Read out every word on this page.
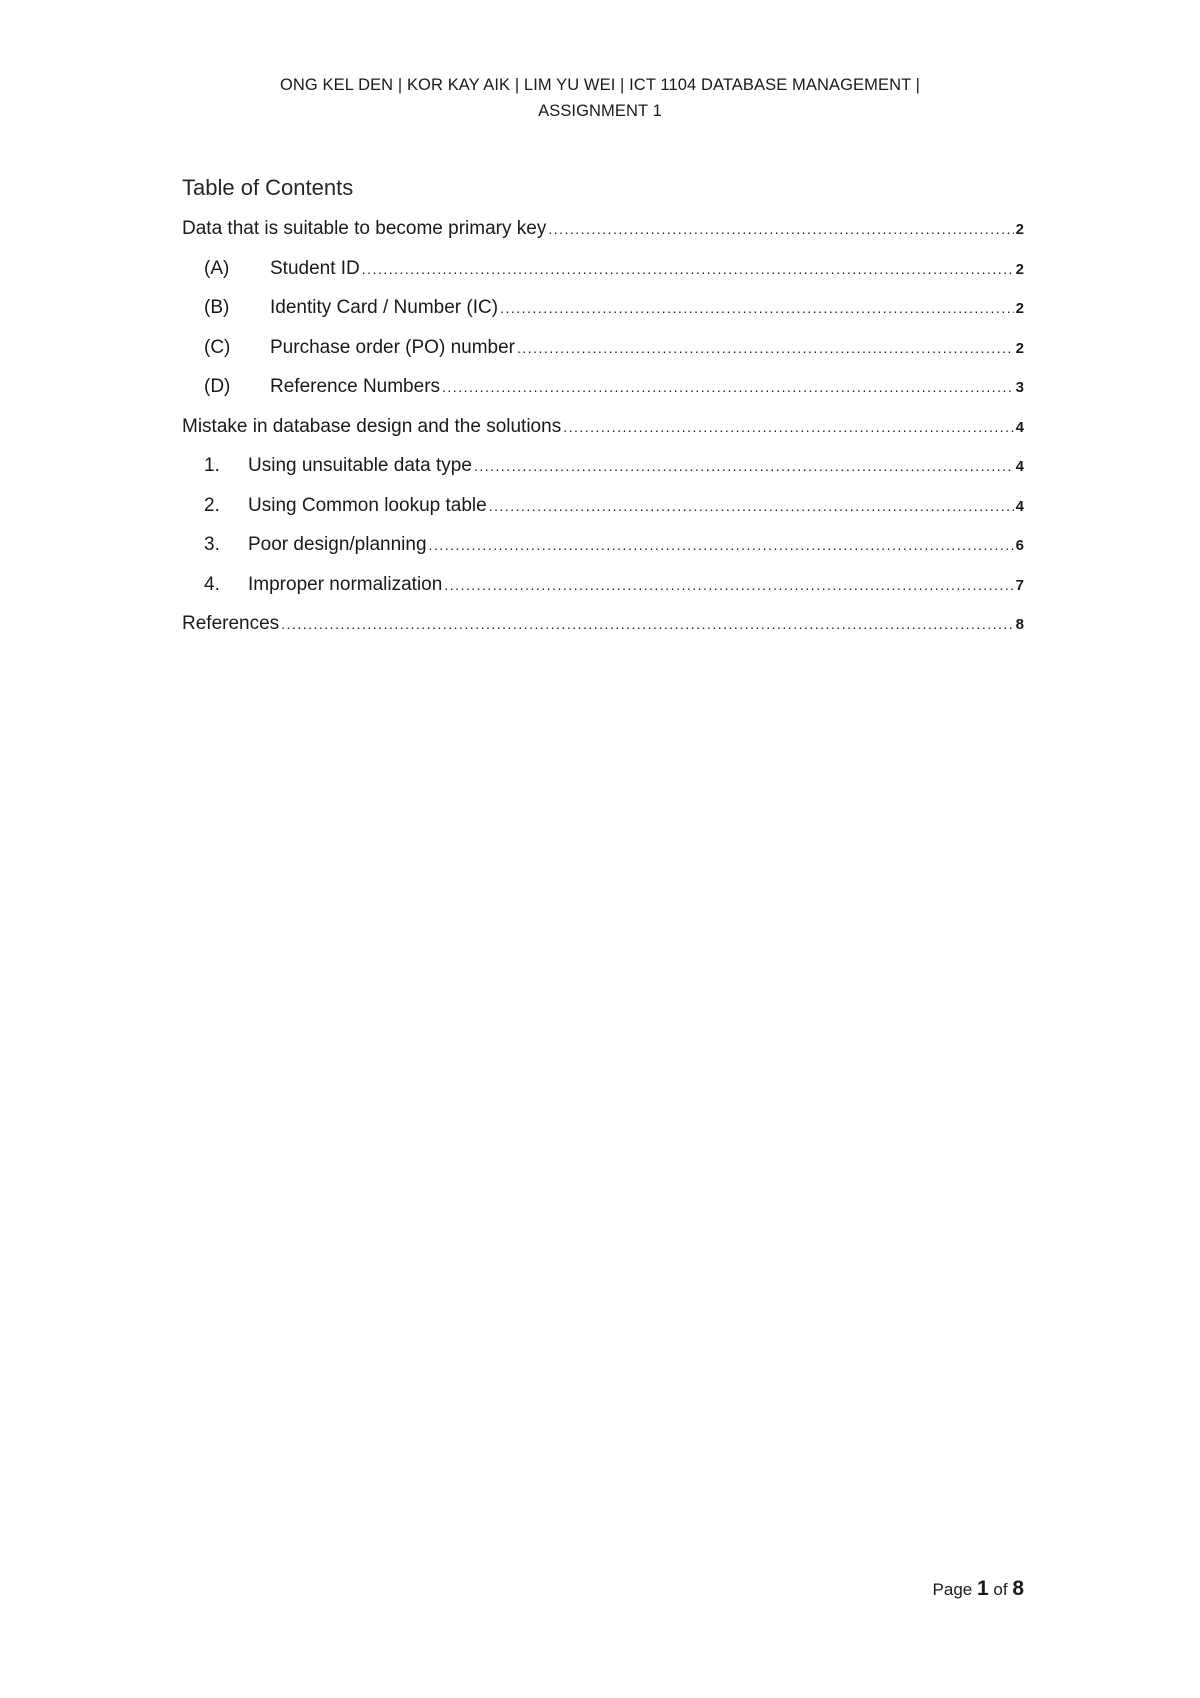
ONG KEL DEN | KOR KAY AIK | LIM YU WEI | ICT 1104 DATABASE MANAGEMENT |
ASSIGNMENT 1
Table of Contents
Data that is suitable to become primary key .....	2
(A)	Student ID .....	2
(B)	Identity Card / Number (IC) .....	2
(C)	Purchase order (PO) number .....	2
(D)	Reference Numbers .....	3
Mistake in database design and the solutions .....	4
1.	Using unsuitable data type .....	4
2.	Using Common lookup table .....	4
3.	Poor design/planning .....	6
4.	Improper normalization .....	7
References .....	8
Page 1 of 8
